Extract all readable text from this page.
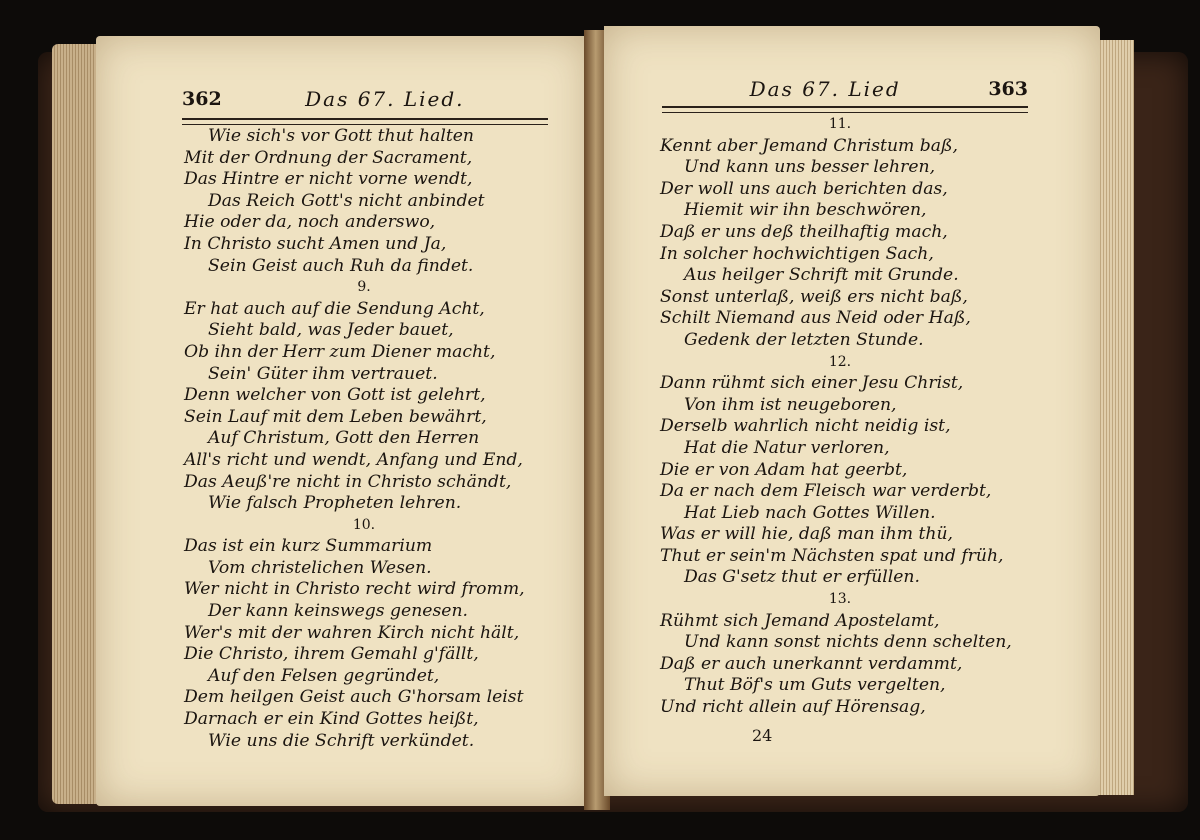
362	Das 67. Lied.
Wie sich's vor Gott thut halten
Mit der Ordnung der Sacrament,
Das Hintre er nicht vorne wendt,
Das Reich Gott's nicht anbindet
Hie oder da, noch anderswo,
In Christo sucht Amen und Ja,
Sein Geist auch Ruh da findet.
9.
Er hat auch auf die Sendung Acht,
Sieht bald, was Jeder bauet,
Ob ihn der Herr zum Diener macht,
Sein' Güter ihm vertrauet.
Denn welcher von Gott ist gelehrt,
Sein Lauf mit dem Leben bewährt,
Auf Christum, Gott den Herren
All's richt und wendt, Anfang und End,
Das Aeuß're nicht in Christo schändt,
Wie falsch Propheten lehren.
10.
Das ist ein kurz Summarium
Vom christelichen Wesen.
Wer nicht in Christo recht wird fromm,
Der kann keinswegs genesen.
Wer's mit der wahren Kirch nicht hält,
Die Christo, ihrem Gemahl g'fällt,
Auf den Felsen gegründet,
Dem heilgen Geist auch G'horsam leist
Darnach er ein Kind Gottes heißt,
Wie uns die Schrift verkündet.
Das 67. Lied	363
11.
Kennt aber Jemand Christum baß,
Und kann uns besser lehren,
Der woll uns auch berichten das,
Hiemit wir ihn beschwören,
Daß er uns deß theilhaftig mach,
In solcher hochwichtigen Sach,
Aus heilger Schrift mit Grunde.
Sonst unterlaß, weiß ers nicht baß,
Schilt Niemand aus Neid oder Haß,
Gedenk der letzten Stunde.
12.
Dann rühmt sich einer Jesu Christ,
Von ihm ist neugeboren,
Derselb wahrlich nicht neidig ist,
Hat die Natur verloren,
Die er von Adam hat geerbt,
Da er nach dem Fleisch war verderbt,
Hat Lieb nach Gottes Willen.
Was er will hie, daß man ihm thü,
Thut er sein'm Nächsten spat und früh,
Das G'setz thut er erfüllen.
13.
Rühmt sich Jemand Apostelamt,
Und kann sonst nichts denn schelten,
Daß er auch unerkannt verdammt,
Thut Böf's um Guts vergelten,
Und richt allein auf Hörensag,
24
